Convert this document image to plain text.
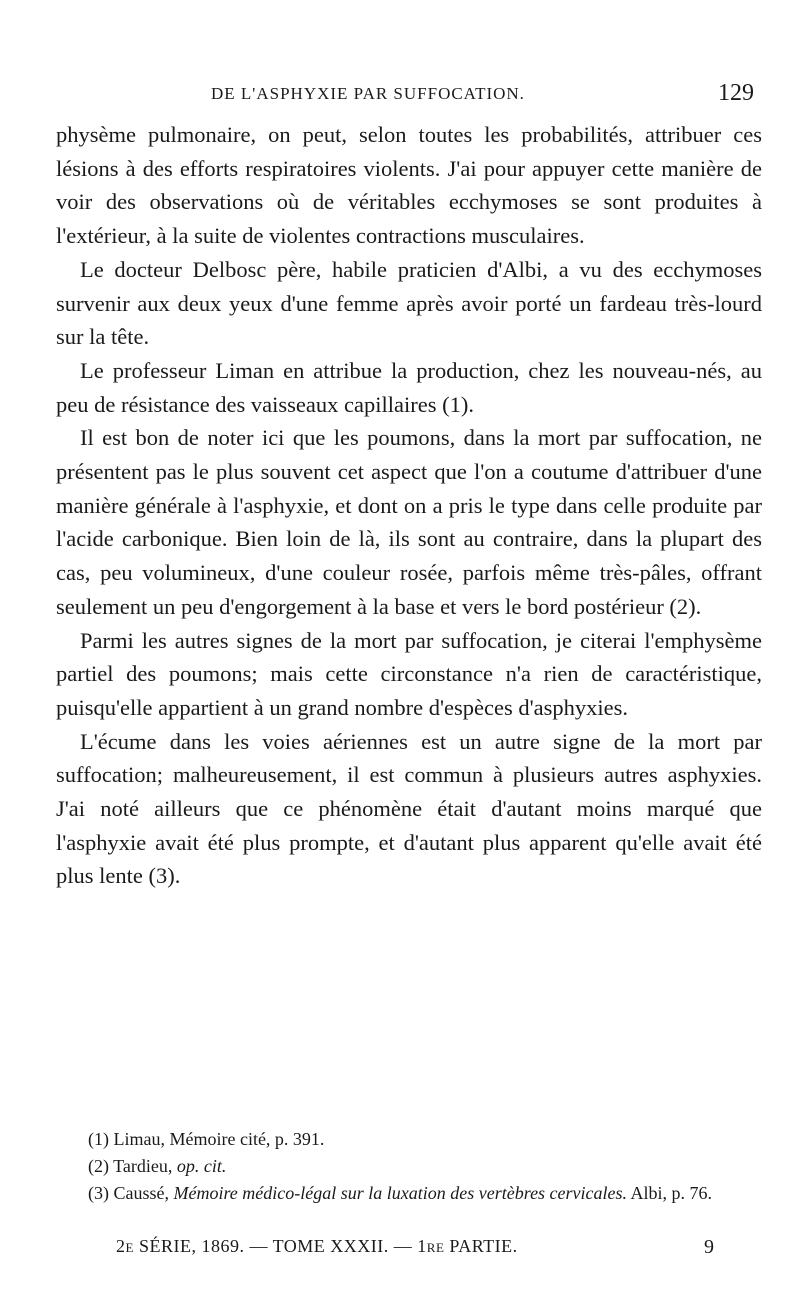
DE L'ASPHYXIE PAR SUFFOCATION.	129

physème pulmonaire, on peut, selon toutes les probabilités, attribuer ces lésions à des efforts respiratoires violents. J'ai pour appuyer cette manière de voir des observations où de véritables ecchymoses se sont produites à l'extérieur, à la suite de violentes contractions musculaires.

Le docteur Delbosc père, habile praticien d'Albi, a vu des ecchymoses survenir aux deux yeux d'une femme après avoir porté un fardeau très-lourd sur la tête.

Le professeur Liman en attribue la production, chez les nouveau-nés, au peu de résistance des vaisseaux capillaires (1).

Il est bon de noter ici que les poumons, dans la mort par suffocation, ne présentent pas le plus souvent cet aspect que l'on a coutume d'attribuer d'une manière générale à l'asphyxie, et dont on a pris le type dans celle produite par l'acide carbonique. Bien loin de là, ils sont au contraire, dans la plupart des cas, peu volumineux, d'une couleur rosée, parfois même très-pâles, offrant seulement un peu d'engorgement à la base et vers le bord postérieur (2).

Parmi les autres signes de la mort par suffocation, je citerai l'emphysème partiel des poumons; mais cette circonstance n'a rien de caractéristique, puisqu'elle appartient à un grand nombre d'espèces d'asphyxies.

L'écume dans les voies aériennes est un autre signe de la mort par suffocation; malheureusement, il est commun à plusieurs autres asphyxies. J'ai noté ailleurs que ce phénomène était d'autant moins marqué que l'asphyxie avait été plus prompte, et d'autant plus apparent qu'elle avait été plus lente (3).

(1) Limau, Mémoire cité, p. 391.

(2) Tardieu, op. cit.

(3) Caussé, Mémoire médico-légal sur la luxation des vertèbres cervicales. Albi, p. 76.

2e SÉRIE, 1869. — TOME XXXII. — 1re PARTIE.	9
